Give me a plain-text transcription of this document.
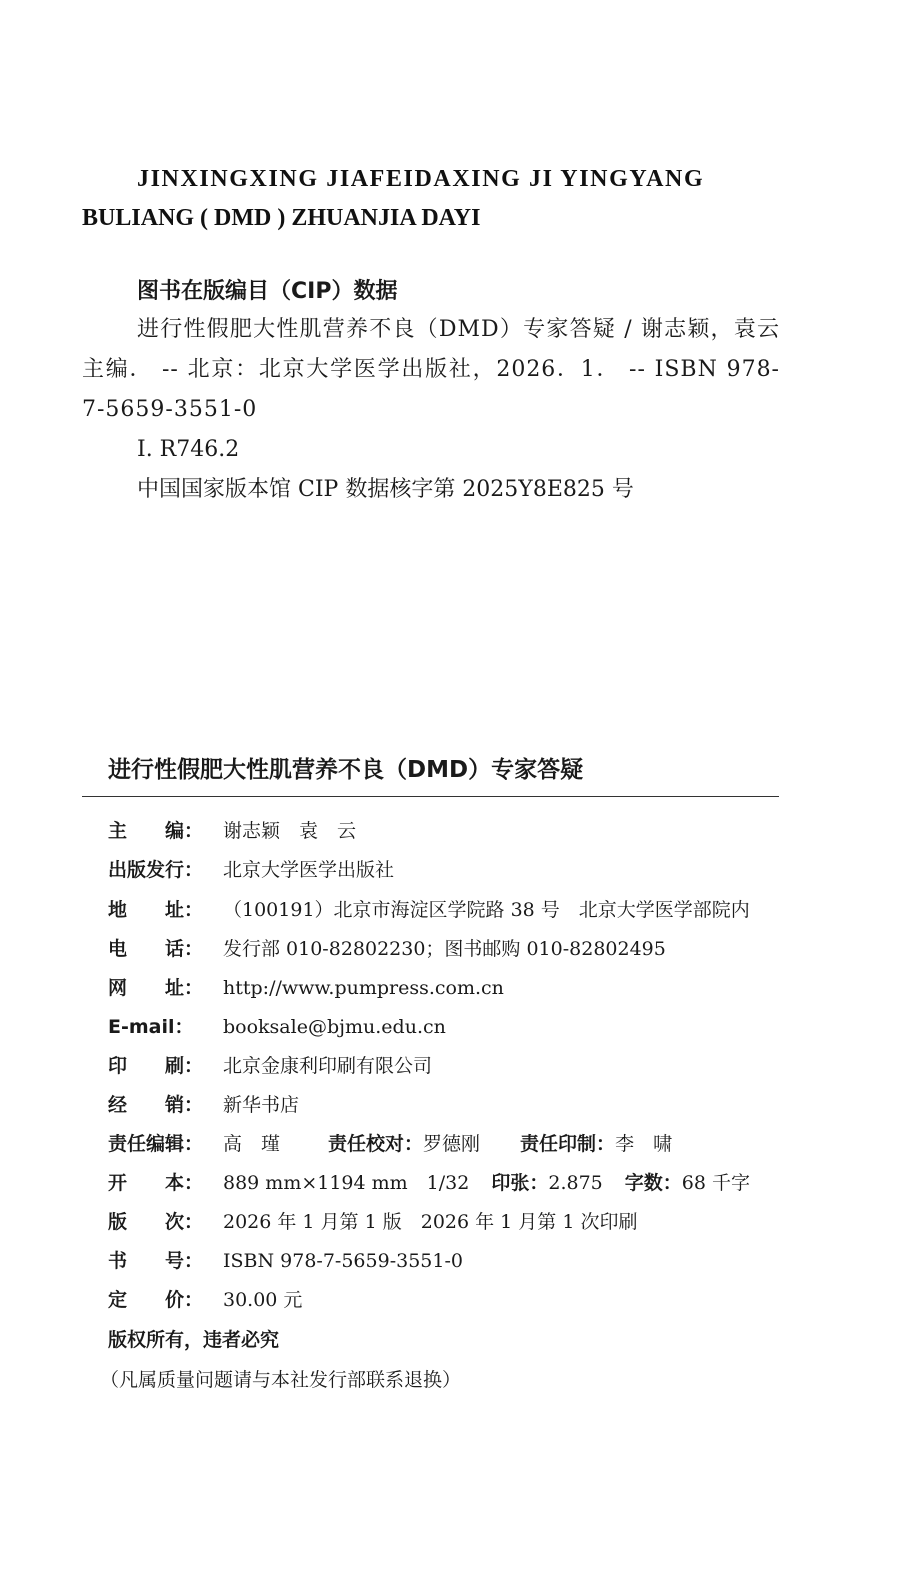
JINXINGXING JIAFEIDAXING JI YINGYANG
BULIANG ( DMD ) ZHUANJIA DAYI
图书在版编目（CIP）数据
进行性假肥大性肌营养不良（DMD）专家答疑 / 谢志颖，袁云主编． -- 北京：北京大学医学出版社，2026．1． -- ISBN 978-7-5659-3551-0
Ⅰ. R746.2
中国国家版本馆 CIP 数据核字第 2025Y8E825 号
进行性假肥大性肌营养不良（DMD）专家答疑
主　　编： 谢志颖　袁　云
出版发行： 北京大学医学出版社
地　　址： （100191）北京市海淀区学院路 38 号　北京大学医学部院内
电　　话： 发行部 010-82802230；图书邮购 010-82802495
网　　址： http://www.pumpress.com.cn
E-mail： booksale@bjmu.edu.cn
印　　刷： 北京金康利印刷有限公司
经　　销： 新华书店
责任编辑： 高　瑾	责任校对：罗德刚 责任印制：李　啸
开　　本： 889 mm×1194 mm　1/32 印张：2.875 字数：68 千字
版　　次： 2026 年 1 月第 1 版　2026 年 1 月第 1 次印刷
书　　号： ISBN 978-7-5659-3551-0
定　　价： 30.00 元
版权所有，违者必究
（凡属质量问题请与本社发行部联系退换）
